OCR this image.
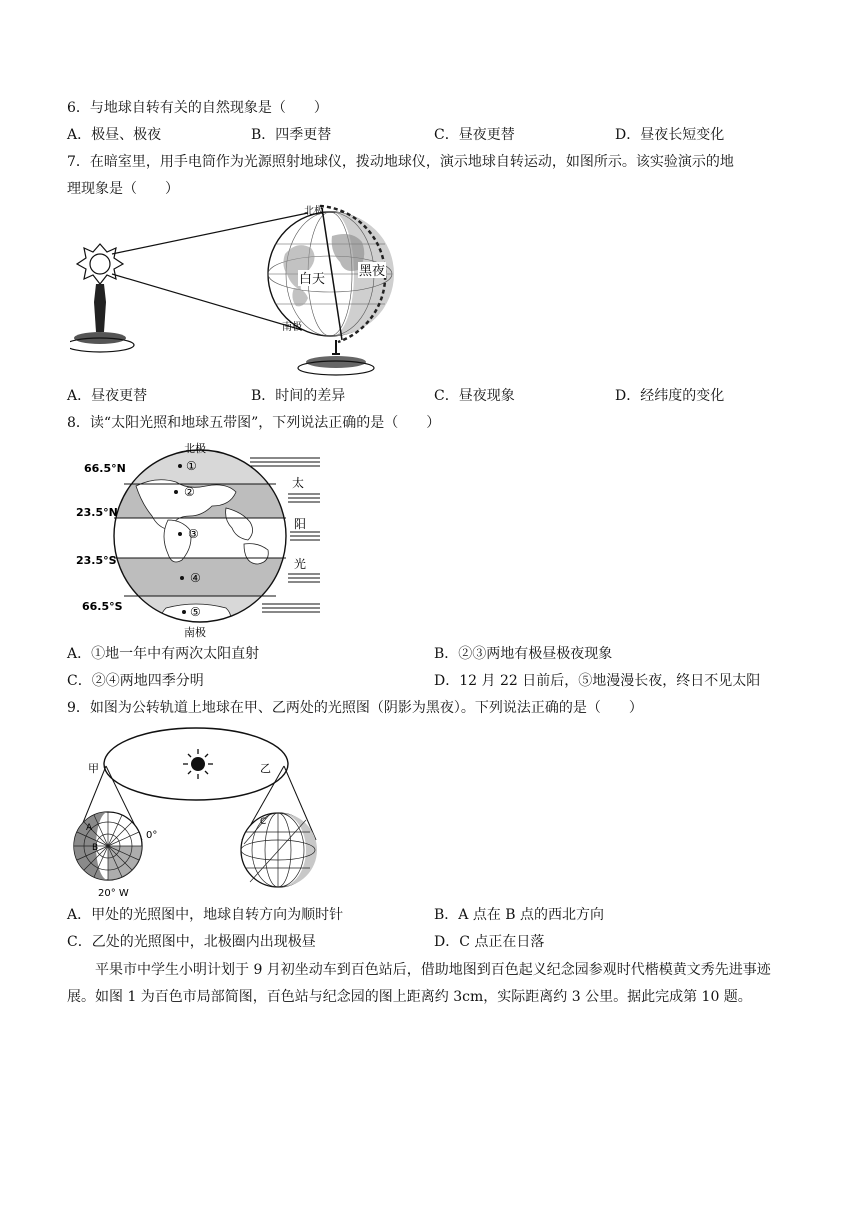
6．与地球自转有关的自然现象是（　　）
A．极昼、极夜	B．四季更替	C．昼夜更替	D．昼夜长短变化
7．在暗室里，用手电筒作为光源照射地球仪，拨动地球仪，演示地球自转运动，如图所示。该实验演示的地
理现象是（　　）
北极
南极
白天
黑夜
A．昼夜更替	B．时间的差异	C．昼夜现象	D．经纬度的变化
8．读“太阳光照和地球五带图”，下列说法正确的是（　　）
北极
南极
66.5°N
23.5°N
23.5°S
66.5°S
①
②
③
④
⑤
太
阳
光
A．①地一年中有两次太阳直射	B．②③两地有极昼极夜现象
C．②④两地四季分明	D．12 月 22 日前后，⑤地漫漫长夜，终日不见太阳
9．如图为公转轨道上地球在甲、乙两处的光照图（阴影为黑夜）。下列说法正确的是（　　）
甲	乙
A
B
0°
20° W
C
A．甲处的光照图中，地球自转方向为顺时针	B．A 点在 B 点的西北方向
C．乙处的光照图中，北极圈内出现极昼	D．C 点正在日落
平果市中学生小明计划于 9 月初坐动车到百色站后，借助地图到百色起义纪念园参观时代楷模黄文秀先进事迹展。如图 1 为百色市局部简图，百色站与纪念园的图上距离约 3cm，实际距离约 3 公里。据此完成第 10 题。
